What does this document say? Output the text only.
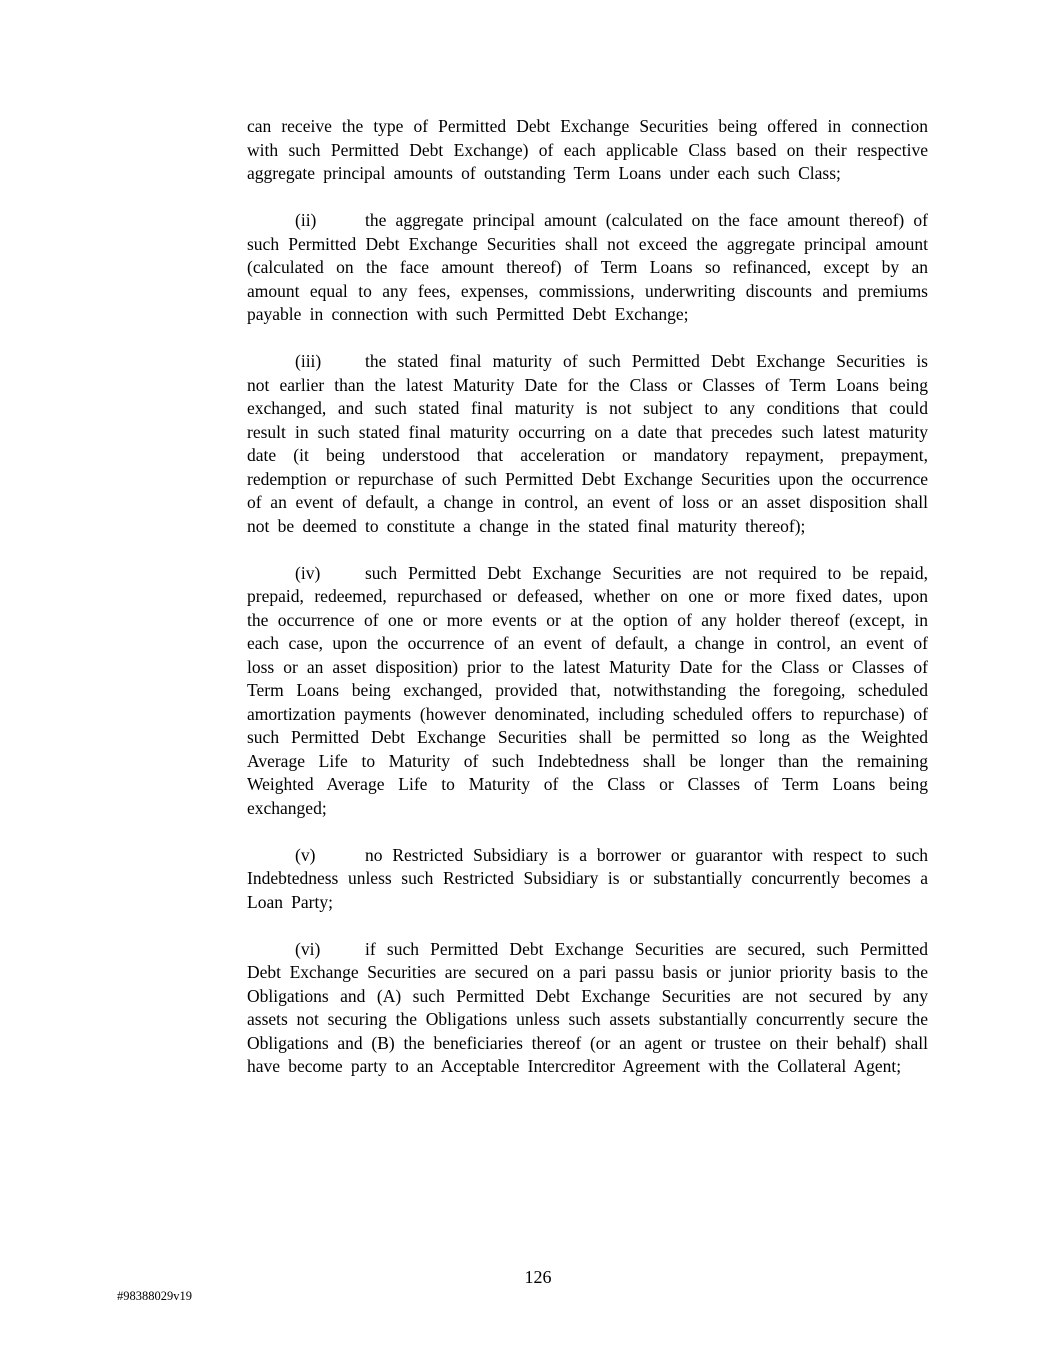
can receive the type of Permitted Debt Exchange Securities being offered in connection with such Permitted Debt Exchange) of each applicable Class based on their respective aggregate principal amounts of outstanding Term Loans under each such Class;

(ii)	the aggregate principal amount (calculated on the face amount thereof) of such Permitted Debt Exchange Securities shall not exceed the aggregate principal amount (calculated on the face amount thereof) of Term Loans so refinanced, except by an amount equal to any fees, expenses, commissions, underwriting discounts and premiums payable in connection with such Permitted Debt Exchange;

(iii)	the stated final maturity of such Permitted Debt Exchange Securities is not earlier than the latest Maturity Date for the Class or Classes of Term Loans being exchanged, and such stated final maturity is not subject to any conditions that could result in such stated final maturity occurring on a date that precedes such latest maturity date (it being understood that acceleration or mandatory repayment, prepayment, redemption or repurchase of such Permitted Debt Exchange Securities upon the occurrence of an event of default, a change in control, an event of loss or an asset disposition shall not be deemed to constitute a change in the stated final maturity thereof);

(iv)	such Permitted Debt Exchange Securities are not required to be repaid, prepaid, redeemed, repurchased or defeased, whether on one or more fixed dates, upon the occurrence of one or more events or at the option of any holder thereof (except, in each case, upon the occurrence of an event of default, a change in control, an event of loss or an asset disposition) prior to the latest Maturity Date for the Class or Classes of Term Loans being exchanged, provided that, notwithstanding the foregoing, scheduled amortization payments (however denominated, including scheduled offers to repurchase) of such Permitted Debt Exchange Securities shall be permitted so long as the Weighted Average Life to Maturity of such Indebtedness shall be longer than the remaining Weighted Average Life to Maturity of the Class or Classes of Term Loans being exchanged;

(v)	no Restricted Subsidiary is a borrower or guarantor with respect to such Indebtedness unless such Restricted Subsidiary is or substantially concurrently becomes a Loan Party;

(vi)	if such Permitted Debt Exchange Securities are secured, such Permitted Debt Exchange Securities are secured on a pari passu basis or junior priority basis to the Obligations and (A) such Permitted Debt Exchange Securities are not secured by any assets not securing the Obligations unless such assets substantially concurrently secure the Obligations and (B) the beneficiaries thereof (or an agent or trustee on their behalf) shall have become party to an Acceptable Intercreditor Agreement with the Collateral Agent;

126
#98388029v19
